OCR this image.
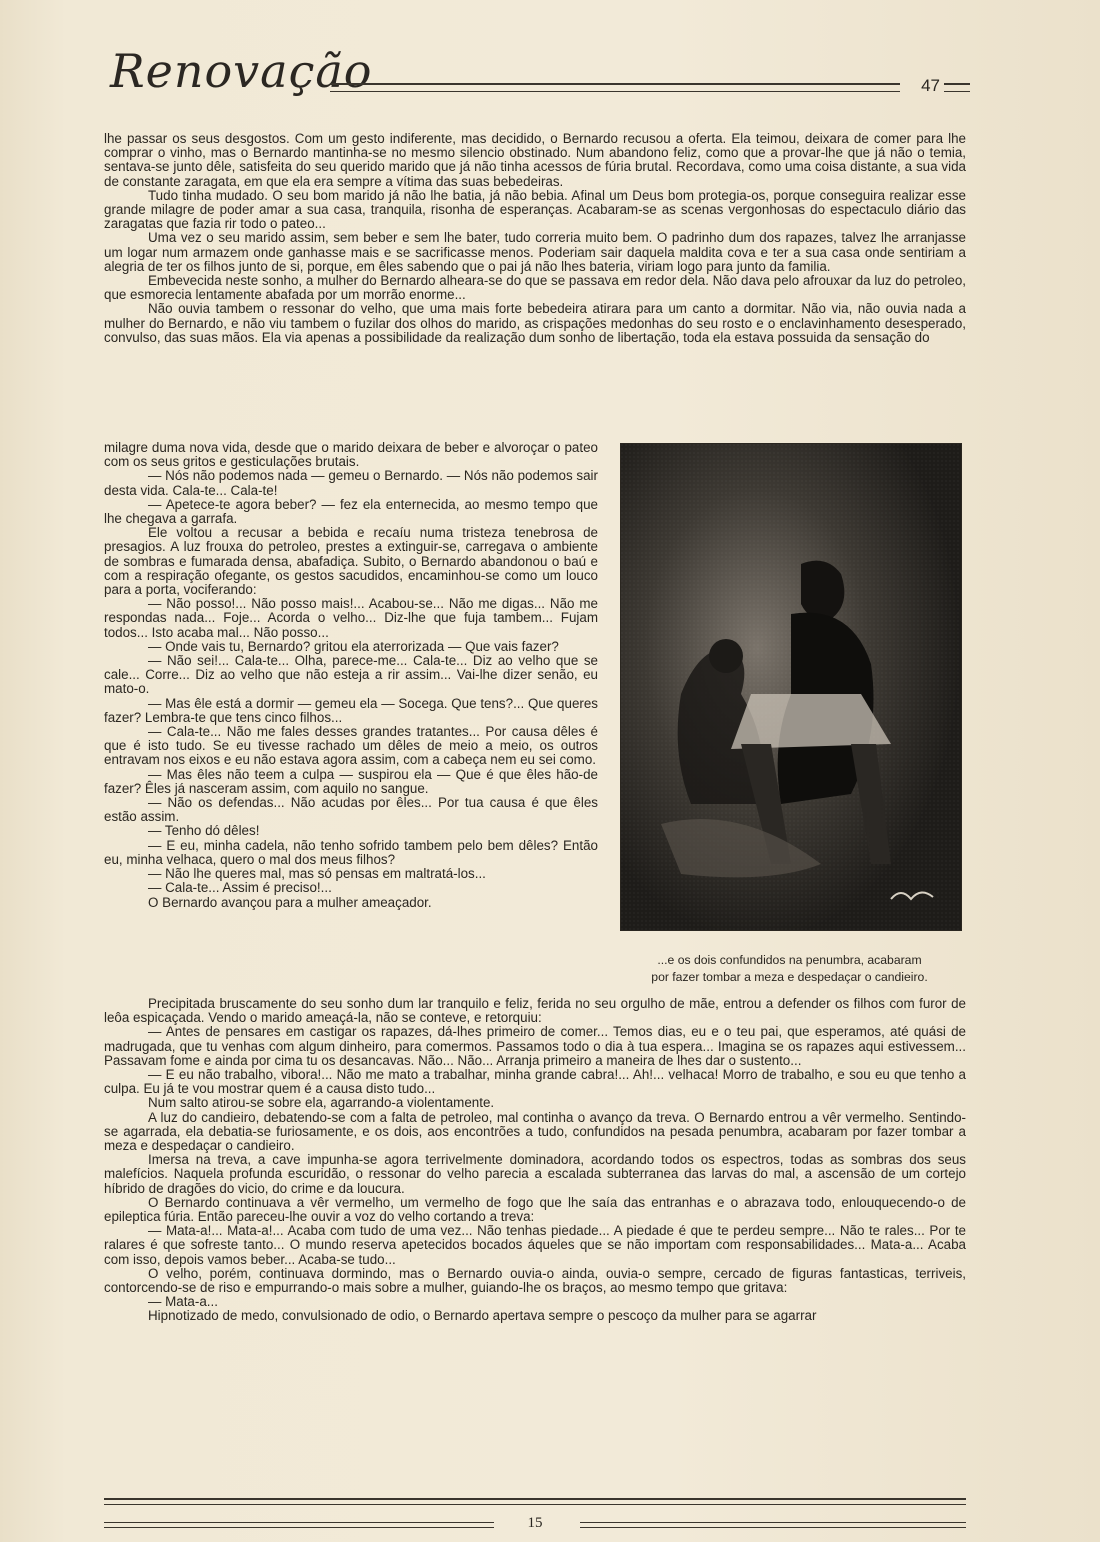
Renovação	47

lhe passar os seus desgostos. Com um gesto indiferente, mas decidido, o Bernardo recusou a oferta. Ela teimou, deixara de comer para lhe comprar o vinho, mas o Bernardo mantinha-se no mesmo silencio obstinado. Num abandono feliz, como que a provar-lhe que já não o temia, sentava-se junto dêle, satisfeita do seu querido marido que já não tinha acessos de fúria brutal. Recordava, como uma coisa distante, a sua vida de constante zaragata, em que ela era sempre a vítima das suas bebedeiras.

Tudo tinha mudado. O seu bom marido já não lhe batia, já não bebia. Afinal um Deus bom protegia-os, porque conseguira realizar esse grande milagre de poder amar a sua casa, tranquila, risonha de esperanças. Acabaram-se as scenas vergonhosas do espectaculo diário das zaragatas que fazia rir todo o pateo...

Uma vez o seu marido assim, sem beber e sem lhe bater, tudo correria muito bem. O padrinho dum dos rapazes, talvez lhe arranjasse um logar num armazem onde ganhasse mais e se sacrificasse menos. Poderiam sair daquela maldita cova e ter a sua casa onde sentiriam a alegria de ter os filhos junto de si, porque, em êles sabendo que o pai já não lhes bateria, viriam logo para junto da familia.

Embevecida neste sonho, a mulher do Bernardo alheara-se do que se passava em redor dela. Não dava pelo afrouxar da luz do petroleo, que esmorecia lentamente abafada por um morrão enorme...

Não ouvia tambem o ressonar do velho, que uma mais forte bebedeira atirara para um canto a dormitar. Não via, não ouvia nada a mulher do Bernardo, e não viu tambem o fuzilar dos olhos do marido, as crispações medonhas do seu rosto e o enclavinhamento desesperado, convulso, das suas mãos. Ela via apenas a possibilidade da realização dum sonho de libertação, toda ela estava possuida da sensação do

milagre duma nova vida, desde que o marido deixara de beber e alvoroçar o pateo com os seus gritos e gesticulações brutais.

— Nós não podemos nada — gemeu o Bernardo. — Nós não podemos sair desta vida. Cala-te... Cala-te!

— Apetece-te agora beber? — fez ela enternecida, ao mesmo tempo que lhe chegava a garrafa.

Ele voltou a recusar a bebida e recaíu numa tristeza tenebrosa de presagios. A luz frouxa do petroleo, prestes a extinguir-se, carregava o ambiente de sombras e fumarada densa, abafadiça. Subito, o Bernardo abandonou o baú e com a respiração ofegante, os gestos sacudidos, encaminhou-se como um louco para a porta, vociferando:

— Não posso!... Não posso mais!... Acabou-se... Não me digas... Não me respondas nada... Foje... Acorda o velho... Diz-lhe que fuja tambem... Fujam todos... Isto acaba mal... Não posso...

— Onde vais tu, Bernardo? gritou ela aterrorizada — Que vais fazer?

— Não sei!... Cala-te... Olha, parece-me... Cala-te... Diz ao velho que se cale... Corre... Diz ao velho que não esteja a rir assim... Vai-lhe dizer senão, eu mato-o.

— Mas êle está a dormir — gemeu ela — Socega. Que tens?... Que queres fazer? Lembra-te que tens cinco filhos...

— Cala-te... Não me fales desses grandes tratantes... Por causa dêles é que é isto tudo. Se eu tivesse rachado um dêles de meio a meio, os outros entravam nos eixos e eu não estava agora assim, com a cabeça nem eu sei como.

— Mas êles não teem a culpa — suspirou ela — Que é que êles hão-de fazer? Êles já nasceram assim, com aquilo no sangue.

— Não os defendas... Não acudas por êles... Por tua causa é que êles estão assim.

— Tenho dó dêles!

— E eu, minha cadela, não tenho sofrido tambem pelo bem dêles? Então eu, minha velhaca, quero o mal dos meus filhos?

— Não lhe queres mal, mas só pensas em maltratá-los...

— Cala-te... Assim é preciso!...

O Bernardo avançou para a mulher ameaçador.

...e os dois confundidos na penumbra, acabaram
por fazer tombar a meza e despedaçar o candieiro.

Precipitada bruscamente do seu sonho dum lar tranquilo e feliz, ferida no seu orgulho de mãe, entrou a defender os filhos com furor de leôa espicaçada. Vendo o marido ameaçá-la, não se conteve, e retorquiu:

— Antes de pensares em castigar os rapazes, dá-lhes primeiro de comer... Temos dias, eu e o teu pai, que esperamos, até quási de madrugada, que tu venhas com algum dinheiro, para comermos. Passamos todo o dia à tua espera... Imagina se os rapazes aqui estivessem... Passavam fome e ainda por cima tu os desancavas. Não... Não... Arranja primeiro a maneira de lhes dar o sustento...

— E eu não trabalho, vibora!... Não me mato a trabalhar, minha grande cabra!... Ah!... velhaca! Morro de trabalho, e sou eu que tenho a culpa. Eu já te vou mostrar quem é a causa disto tudo...

Num salto atirou-se sobre ela, agarrando-a violentamente.

A luz do candieiro, debatendo-se com a falta de petroleo, mal continha o avanço da treva. O Bernardo entrou a vêr vermelho. Sentindo-se agarrada, ela debatia-se furiosamente, e os dois, aos encontrões a tudo, confundidos na pesada penumbra, acabaram por fazer tombar a meza e despedaçar o candieiro.

Imersa na treva, a cave impunha-se agora terrivelmente dominadora, acordando todos os espectros, todas as sombras dos seus malefícios. Naquela profunda escuridão, o ressonar do velho parecia a escalada subterranea das larvas do mal, a ascensão de um cortejo híbrido de dragões do vicio, do crime e da loucura.

O Bernardo continuava a vêr vermelho, um vermelho de fogo que lhe saía das entranhas e o abrazava todo, enlouquecendo-o de epileptica fúria. Então pareceu-lhe ouvir a voz do velho cortando a treva:

— Mata-a!... Mata-a!... Acaba com tudo de uma vez... Não tenhas piedade... A piedade é que te perdeu sempre... Não te rales... Por te ralares é que sofreste tanto... O mundo reserva apetecidos bocados áqueles que se não importam com responsabilidades... Mata-a... Acaba com isso, depois vamos beber... Acaba-se tudo...

O velho, porém, continuava dormindo, mas o Bernardo ouvia-o ainda, ouvia-o sempre, cercado de figuras fantasticas, terriveis, contorcendo-se de riso e empurrando-o mais sobre a mulher, guiando-lhe os braços, ao mesmo tempo que gritava:

— Mata-a...

Hipnotizado de medo, convulsionado de odio, o Bernardo apertava sempre o pescoço da mulher para se agarrar

15
